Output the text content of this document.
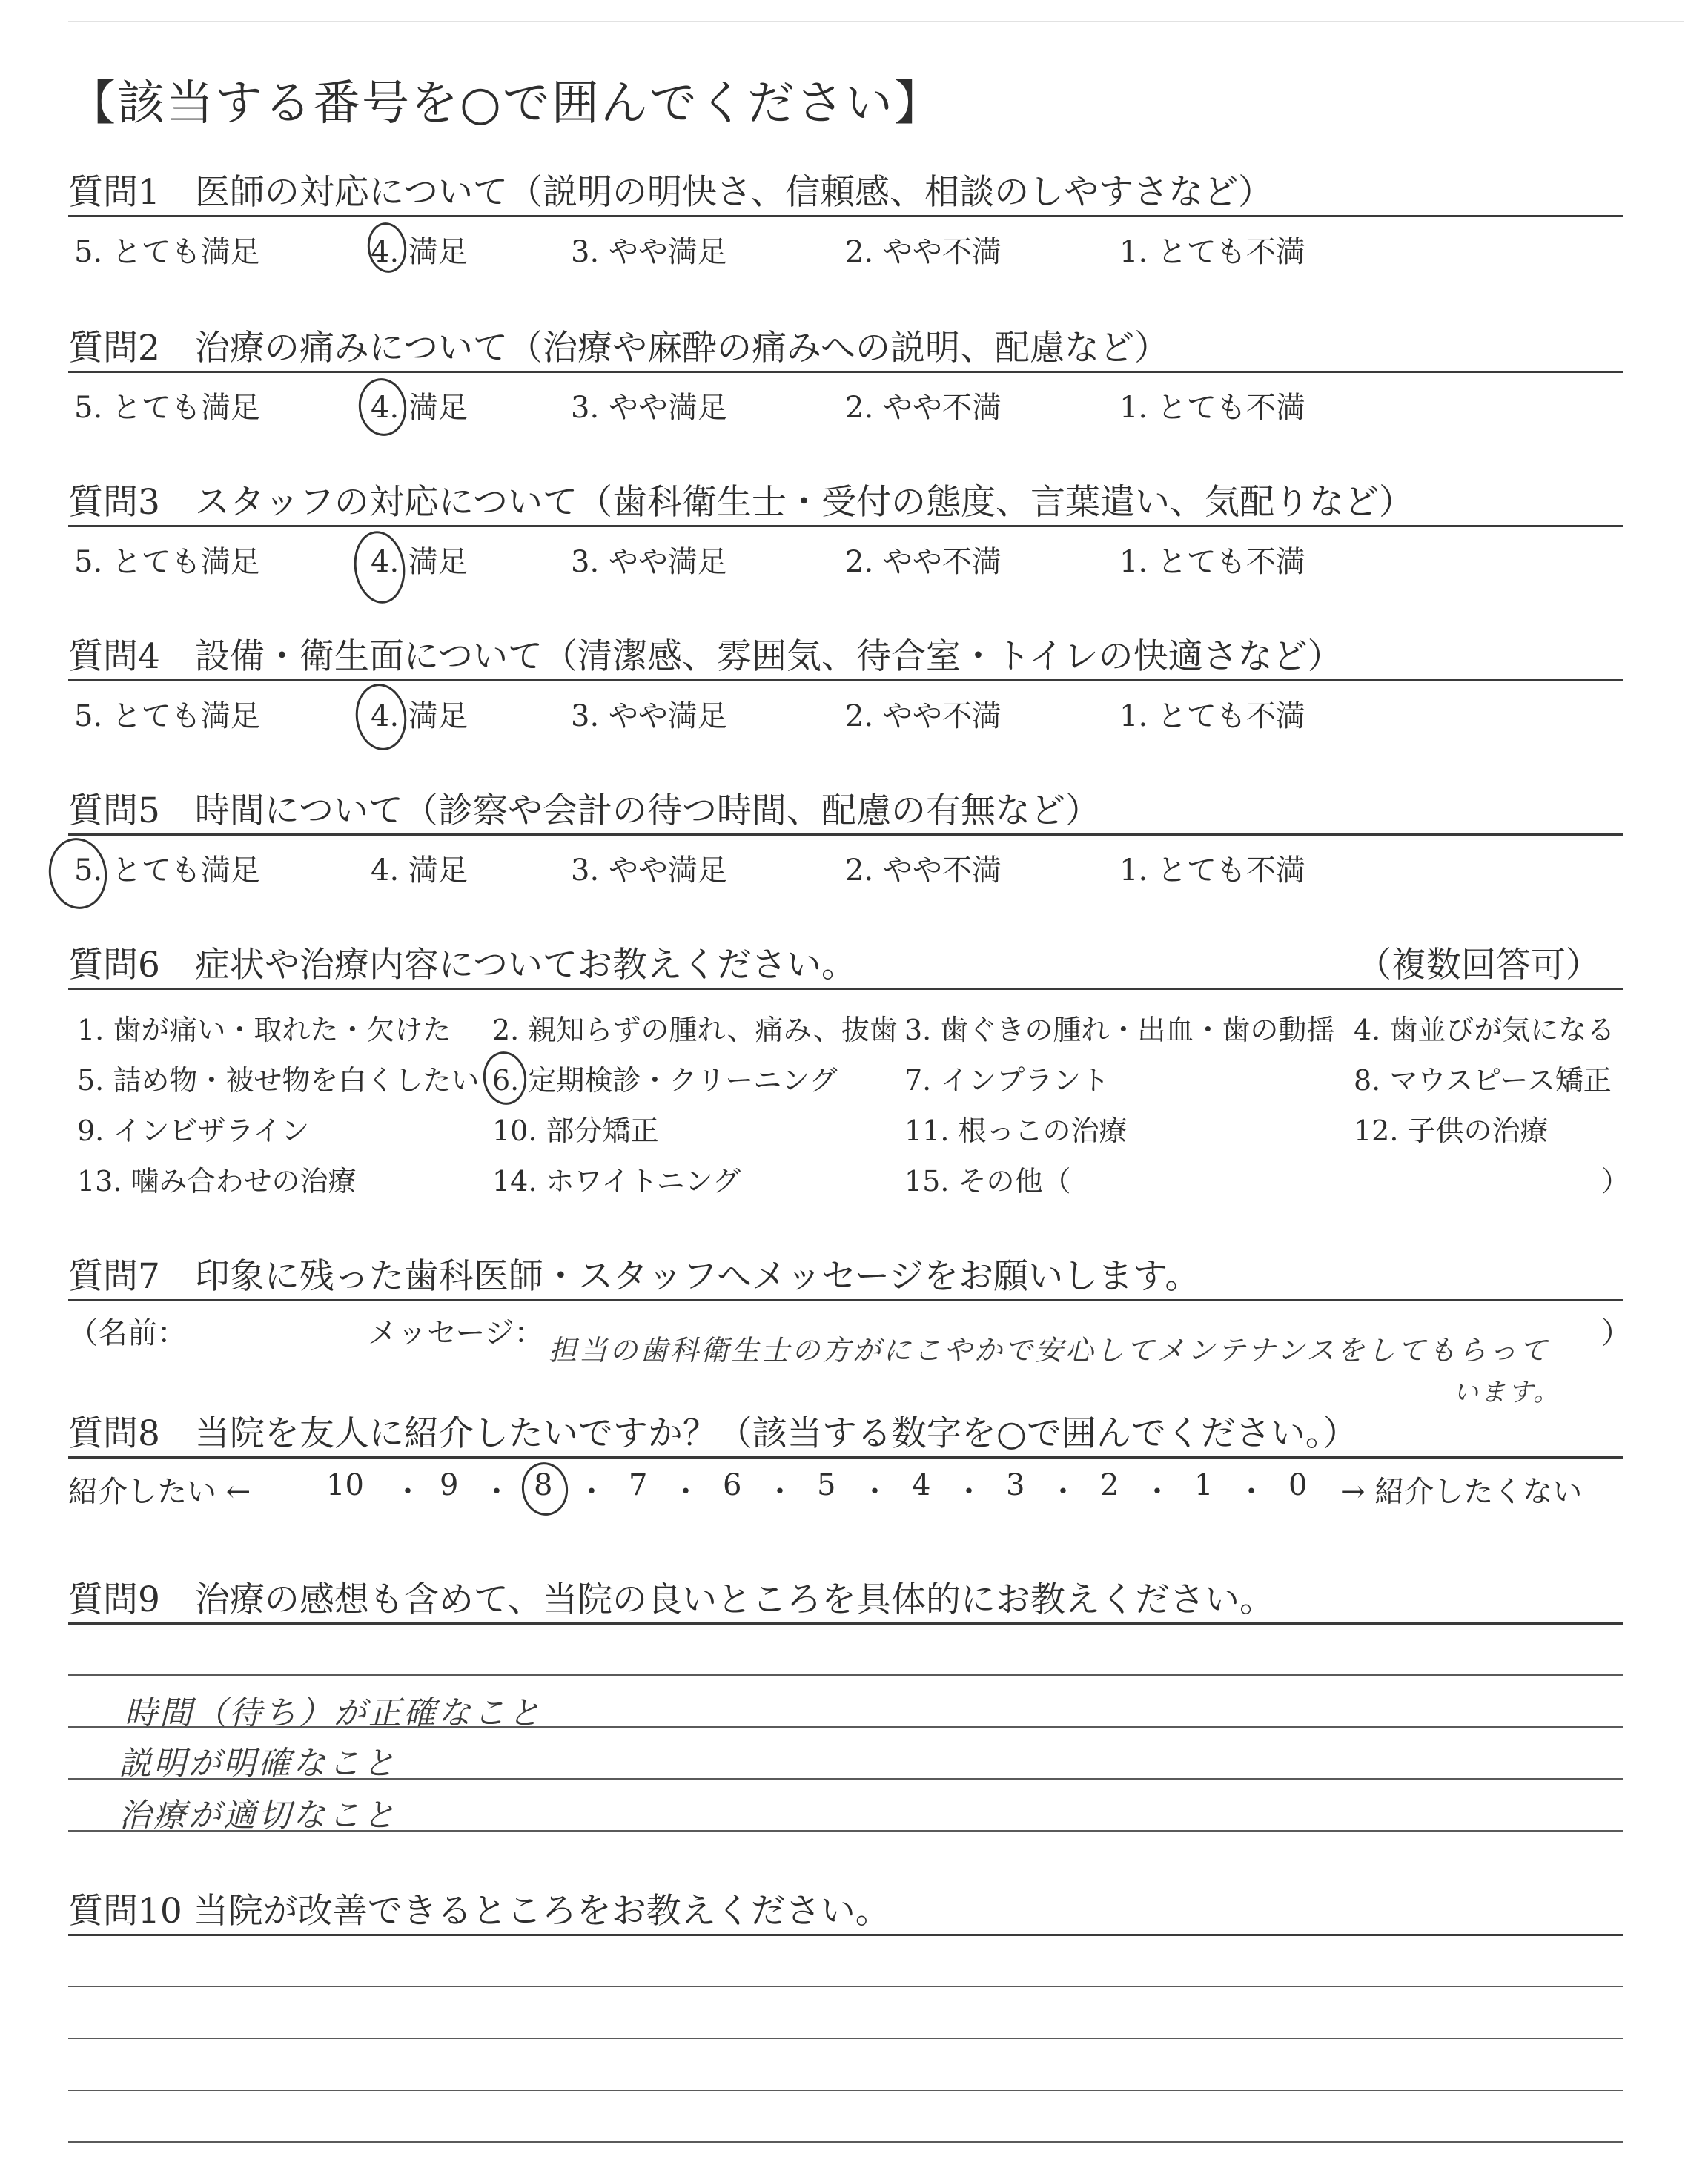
【該当する番号を○で囲んでください】
質問1　医師の対応について（説明の明快さ、信頼感、相談のしやすさなど）
5. とても満足	4. 満足	3. やや満足	2. やや不満	1. とても不満
質問2　治療の痛みについて（治療や麻酔の痛みへの説明、配慮など）
5. とても満足	4. 満足	3. やや満足	2. やや不満	1. とても不満
質問3　スタッフの対応について（歯科衛生士・受付の態度、言葉遣い、気配りなど）
5. とても満足	4. 満足	3. やや満足	2. やや不満	1. とても不満
質問4　設備・衛生面について（清潔感、雰囲気、待合室・トイレの快適さなど）
5. とても満足	4. 満足	3. やや満足	2. やや不満	1. とても不満
質問5　時間について（診察や会計の待つ時間、配慮の有無など）
5. とても満足	4. 満足	3. やや満足	2. やや不満	1. とても不満
質問6　症状や治療内容についてお教えください。	（複数回答可）
1. 歯が痛い・取れた・欠けた 2. 親知らずの腫れ、痛み、抜歯 3. 歯ぐきの腫れ・出血・歯の動揺 4. 歯並びが気になる
5. 詰め物・被せ物を白くしたい 6. 定期検診・クリーニング 7. インプラント	8. マウスピース矯正
9. インビザライン	10. 部分矯正	11. 根っこの治療	12. 子供の治療
13. 噛み合わせの治療	14. ホワイトニング	15. その他（	）
質問7　印象に残った歯科医師・スタッフへメッセージをお願いします。
（名前：	メッセージ：	）
担当の歯科衛生士の方がにこやかで安心してメンテナンスをしてもらって
います。
質問8　当院を友人に紹介したいですか？（該当する数字を○で囲んでください。）
紹介したい ←	→ 紹介したくない
10	9	8	7	6	5	4	3	2	1	0
・ ・ ・ ・ ・ ・ ・ ・ ・ ・
質問9　治療の感想も含めて、当院の良いところを具体的にお教えください。
時間（待ち）が正確なこと
説明が明確なこと
治療が適切なこと
質問10 当院が改善できるところをお教えください。
